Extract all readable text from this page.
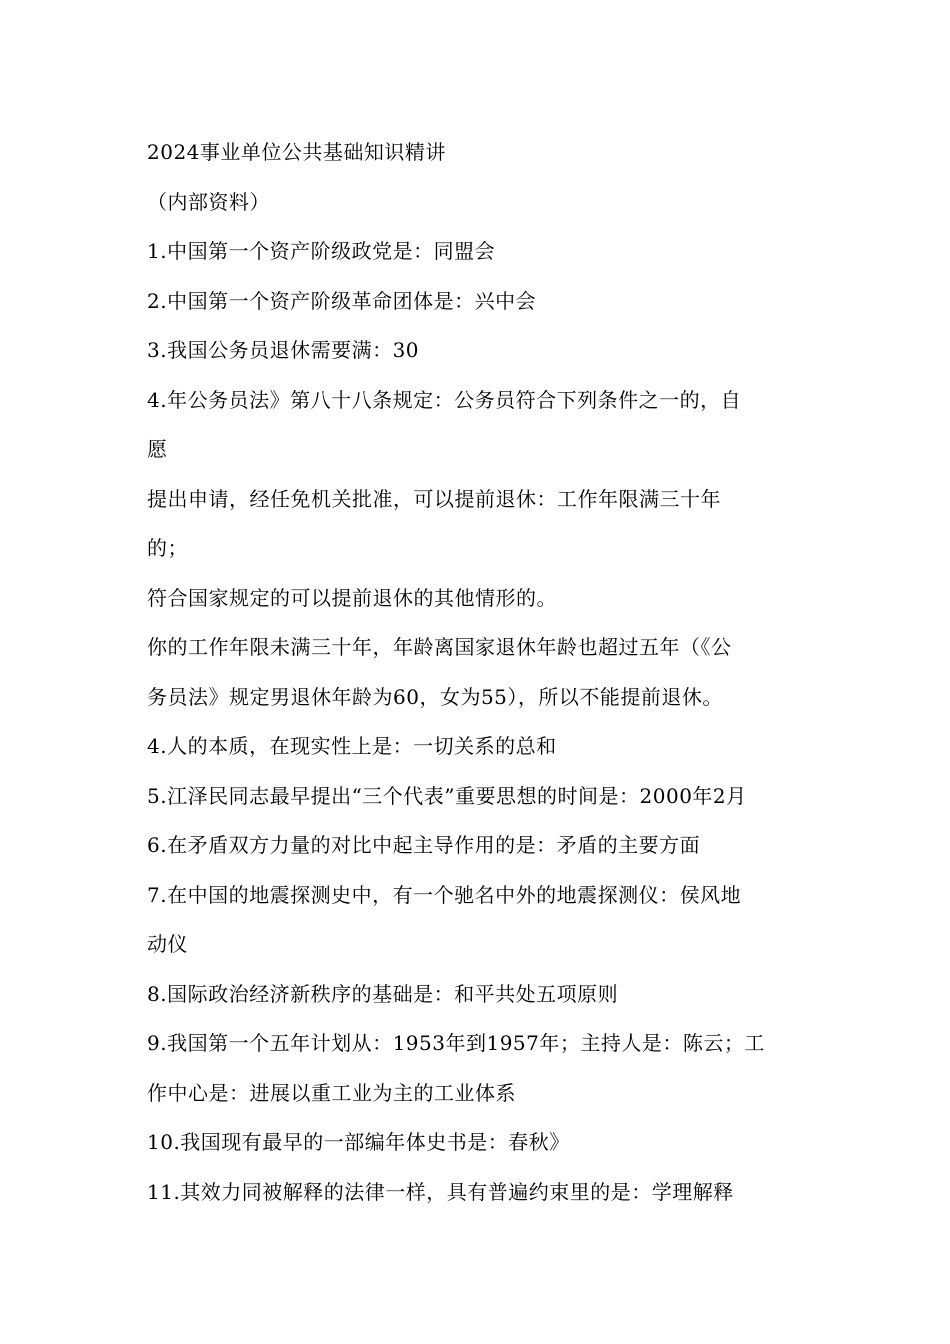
2024事业单位公共基础知识精讲
（内部资料）
1.中国第一个资产阶级政党是：同盟会
2.中国第一个资产阶级革命团体是：兴中会
3.我国公务员退休需要满：30
4.年公务员法》第八十八条规定：公务员符合下列条件之一的，自
愿
提出申请，经任免机关批准，可以提前退休：工作年限满三十年
的；
符合国家规定的可以提前退休的其他情形的。
你的工作年限未满三十年，年龄离国家退休年龄也超过五年（《公
务员法》规定男退休年龄为60，女为55），所以不能提前退休。
4.人的本质，在现实性上是：一切关系的总和
5.江泽民同志最早提出“三个代表”重要思想的时间是：2000年2月
6.在矛盾双方力量的对比中起主导作用的是：矛盾的主要方面
7.在中国的地震探测史中，有一个驰名中外的地震探测仪：侯风地
动仪
8.国际政治经济新秩序的基础是：和平共处五项原则
9.我国第一个五年计划从：1953年到1957年；主持人是：陈云；工
作中心是：进展以重工业为主的工业体系
10.我国现有最早的一部编年体史书是：春秋》
11.其效力同被解释的法律一样，具有普遍约束里的是：学理解释
